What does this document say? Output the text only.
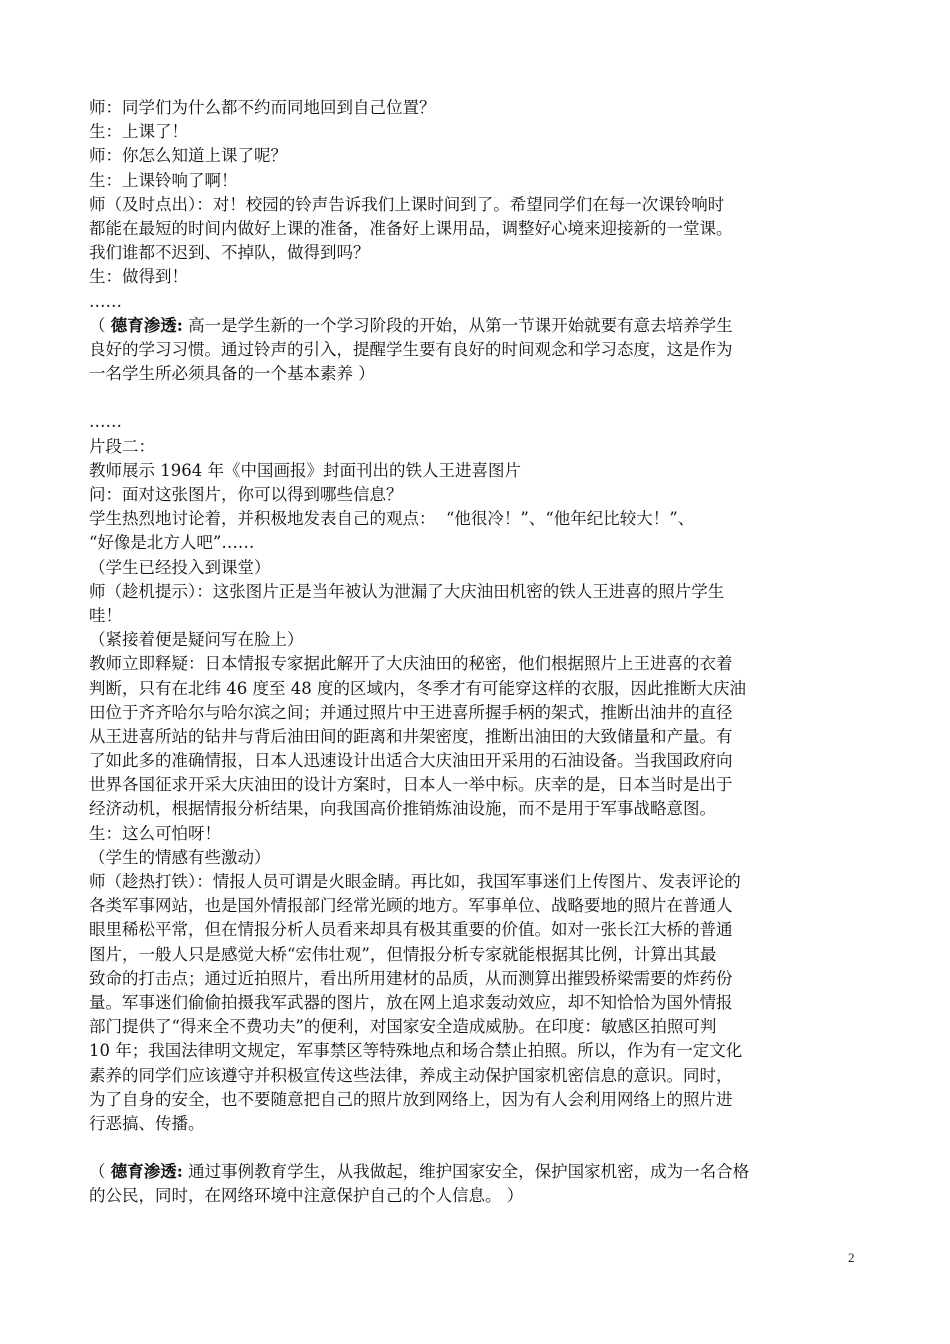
师：同学们为什么都不约而同地回到自己位置？
生：上课了！
师：你怎么知道上课了呢？
生：上课铃响了啊！
师（及时点出）：对！校园的铃声告诉我们上课时间到了。希望同学们在每一次课铃响时
都能在最短的时间内做好上课的准备，准备好上课用品，调整好心境来迎接新的一堂课。
我们谁都不迟到、不掉队，做得到吗？
生：做得到！
……
（ 德育渗透: 高一是学生新的一个学习阶段的开始，从第一节课开始就要有意去培养学生
良好的学习习惯。通过铃声的引入，提醒学生要有良好的时间观念和学习态度，这是作为
一名学生所必须具备的一个基本素养 ）
……
片段二：
教师展示 1964 年《中国画报》封面刊出的铁人王进喜图片
问：面对这张图片，你可以得到哪些信息？
学生热烈地讨论着，并积极地发表自己的观点：  “他很冷！”、“他年纪比较大！”、
“好像是北方人吧”……
（学生已经投入到课堂）
师（趁机提示）：这张图片正是当年被认为泄漏了大庆油田机密的铁人王进喜的照片学生
哇！
（紧接着便是疑问写在脸上）
教师立即释疑：日本情报专家据此解开了大庆油田的秘密，他们根据照片上王进喜的衣着
判断，只有在北纬 46 度至 48 度的区域内，冬季才有可能穿这样的衣服，因此推断大庆油
田位于齐齐哈尔与哈尔滨之间；并通过照片中王进喜所握手柄的架式，推断出油井的直径
从王进喜所站的钻井与背后油田间的距离和井架密度，推断出油田的大致储量和产量。有
了如此多的准确情报，日本人迅速设计出适合大庆油田开采用的石油设备。当我国政府向
世界各国征求开采大庆油田的设计方案时，日本人一举中标。庆幸的是，日本当时是出于
经济动机，根据情报分析结果，向我国高价推销炼油设施，而不是用于军事战略意图。
生：这么可怕呀！
（学生的情感有些激动）
师（趁热打铁）：情报人员可谓是火眼金睛。再比如，我国军事迷们上传图片、发表评论的
各类军事网站，也是国外情报部门经常光顾的地方。军事单位、战略要地的照片在普通人
眼里稀松平常，但在情报分析人员看来却具有极其重要的价值。如对一张长江大桥的普通
图片，一般人只是感觉大桥“宏伟壮观”，但情报分析专家就能根据其比例，计算出其最
致命的打击点；通过近拍照片，看出所用建材的品质，从而测算出摧毁桥梁需要的炸药份
量。军事迷们偷偷拍摄我军武器的图片，放在网上追求轰动效应，却不知恰恰为国外情报
部门提供了“得来全不费功夫”的便利，对国家安全造成威胁。在印度：敏感区拍照可判
10 年；我国法律明文规定，军事禁区等特殊地点和场合禁止拍照。所以，作为有一定文化
素养的同学们应该遵守并积极宣传这些法律，养成主动保护国家机密信息的意识。同时，
为了自身的安全，也不要随意把自己的照片放到网络上，因为有人会利用网络上的照片进
行恶搞、传播。
（ 德育渗透: 通过事例教育学生，从我做起，维护国家安全，保护国家机密，成为一名合格
的公民，同时，在网络环境中注意保护自己的个人信息。 ）
2
